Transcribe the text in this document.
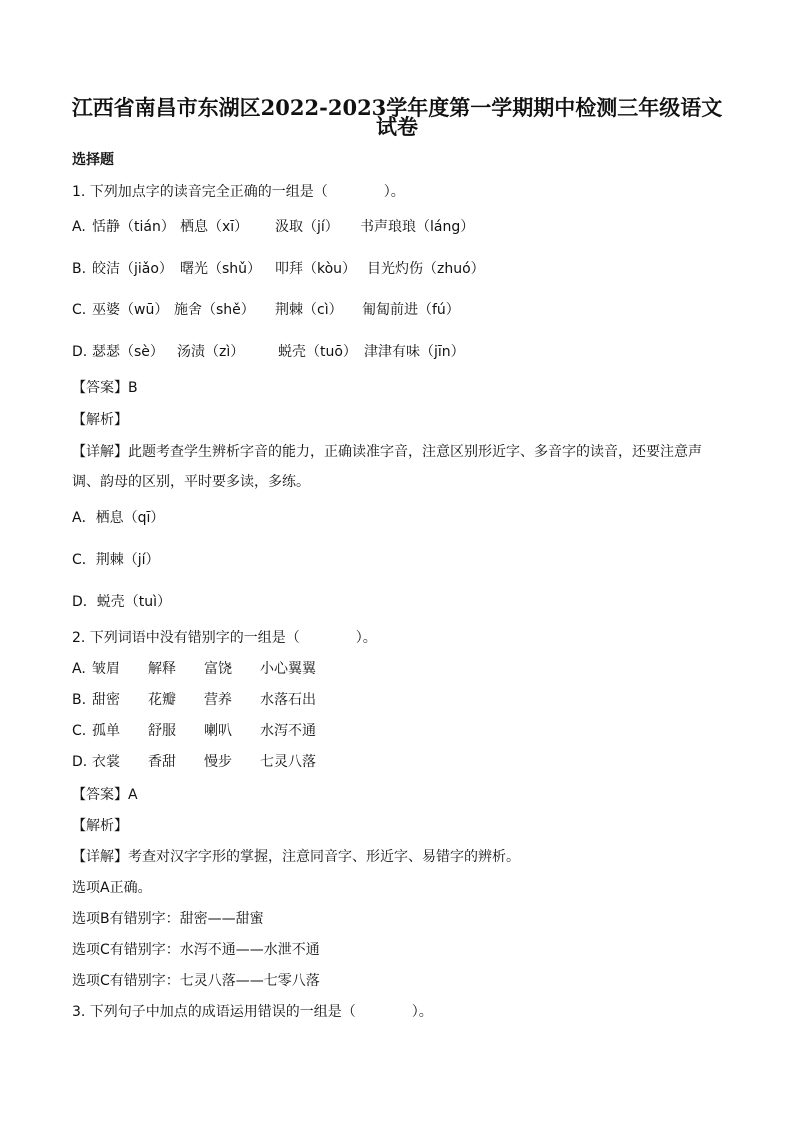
江西省南昌市东湖区2022-2023学年度第一学期期中检测三年级语文
试卷
选择题
1. 下列加点字的读音完全正确的一组是（　　　　）。
A. 恬静（tián） 栖息（xī） 汲取（jí） 书声琅琅（láng）
B. 皎洁（jiǎo） 曙光（shǔ） 叩拜（kòu） 目光灼伤（zhuó）
C. 巫婆（wū） 施舍（shě） 荆棘（cì） 匍匐前进（fú）
D. 瑟瑟（sè） 汤渍（zì） 蜕壳（tuō） 津津有味（jīn）
【答案】B
【解析】
【详解】此题考查学生辨析字音的能力，正确读准字音，注意区别形近字、多音字的读音，还要注意声
调、韵母的区别，平时要多读，多练。
A．栖息（qī）
C．荆棘（jí）
D．蜕壳（tuì）
2. 下列词语中没有错别字的一组是（　　　　）。
A. 皱眉 解释 富饶 小心翼翼
B. 甜密 花瓣 营养 水落石出
C. 孤单 舒服 喇叭 水泻不通
D. 衣裳 香甜 慢步 七灵八落
【答案】A
【解析】
【详解】考查对汉字字形的掌握，注意同音字、形近字、易错字的辨析。
选项A正确。
选项B有错别字：甜密——甜蜜
选项C有错别字：水泻不通——水泄不通
选项C有错别字：七灵八落——七零八落
3. 下列句子中加点的成语运用错误的一组是（　　　　）。
